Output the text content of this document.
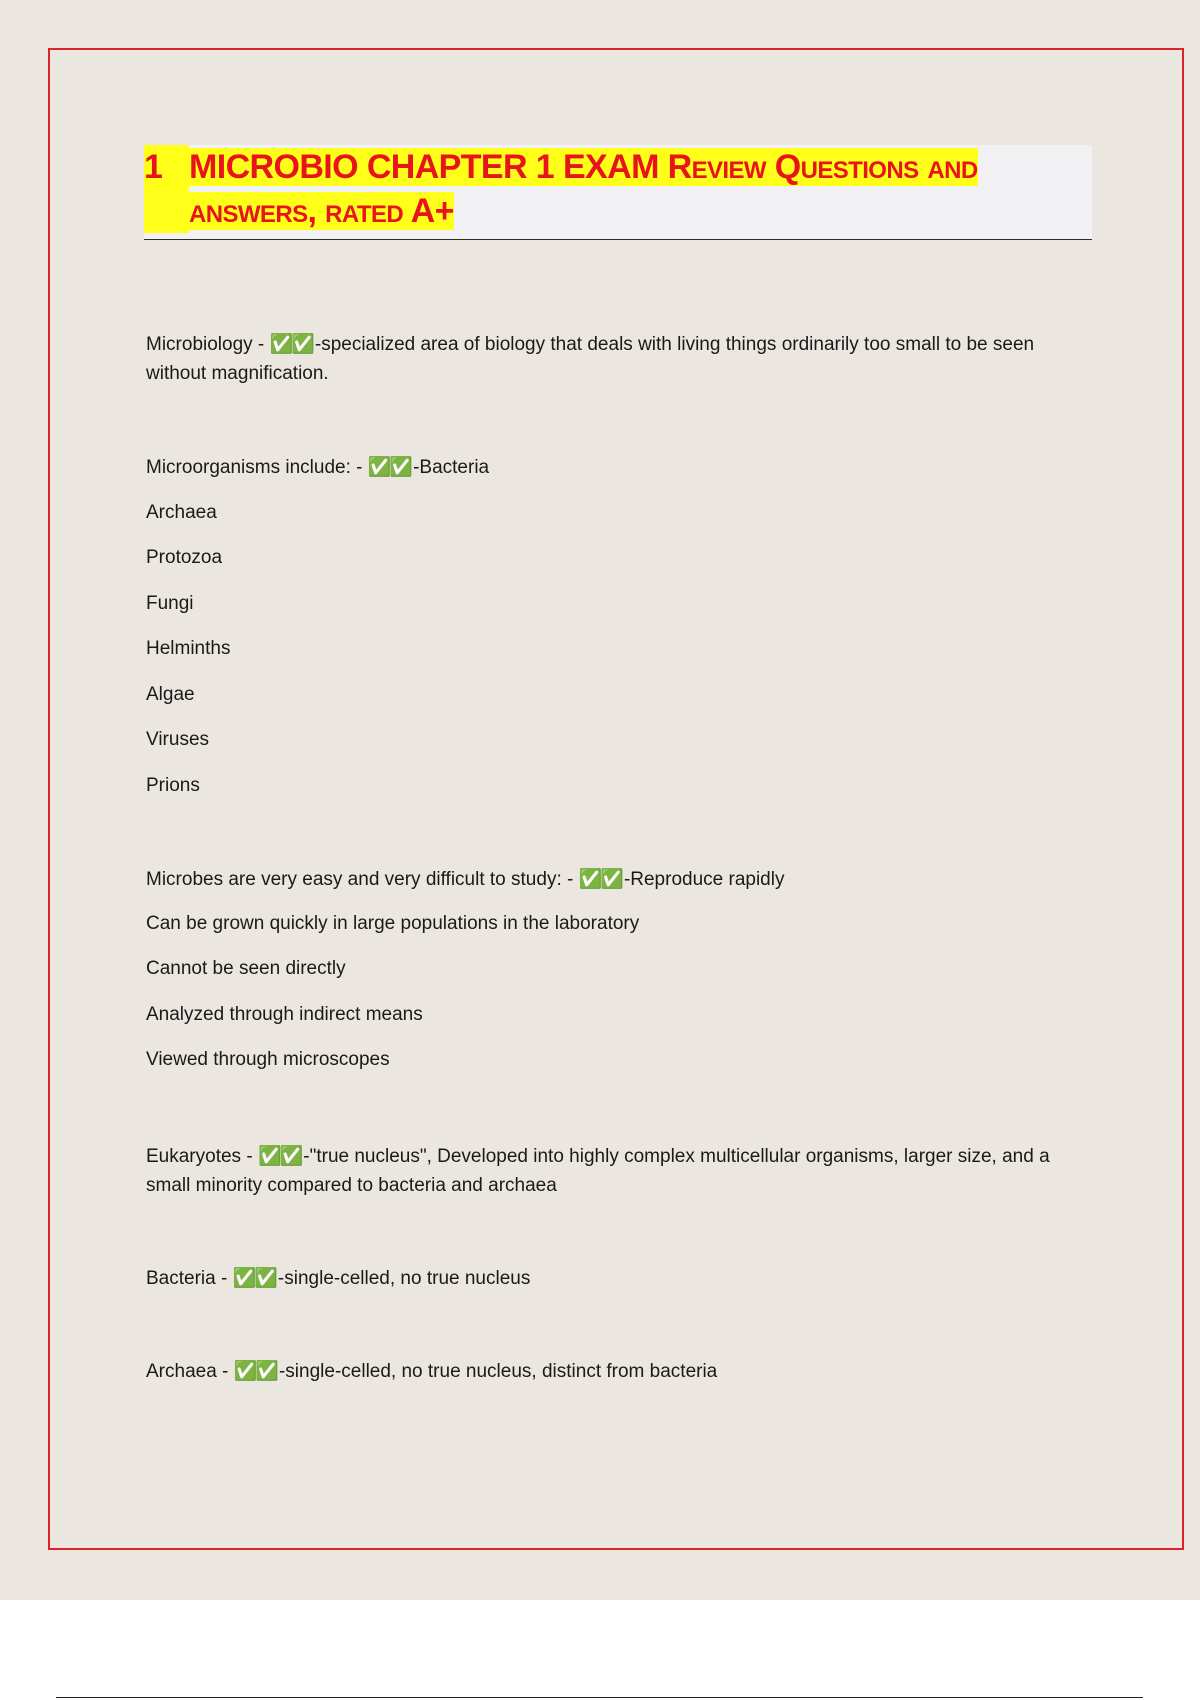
1 MICROBIO CHAPTER 1 EXAM Review Questions and
answers, rated A+
Microbiology - ✅✅ -specialized area of biology that deals with living things ordinarily too small to be seen without magnification.
Microorganisms include: - ✅✅ -Bacteria
Archaea
Protozoa
Fungi
Helminths
Algae
Viruses
Prions
Microbes are very easy and very difficult to study: - ✅✅ -Reproduce rapidly
Can be grown quickly in large populations in the laboratory
Cannot be seen directly
Analyzed through indirect means
Viewed through microscopes
Eukaryotes - ✅✅ -"true nucleus", Developed into highly complex multicellular organisms, larger size, and a small minority compared to bacteria and archaea
Bacteria - ✅✅ -single-celled, no true nucleus
Archaea - ✅✅ -single-celled, no true nucleus, distinct from bacteria
